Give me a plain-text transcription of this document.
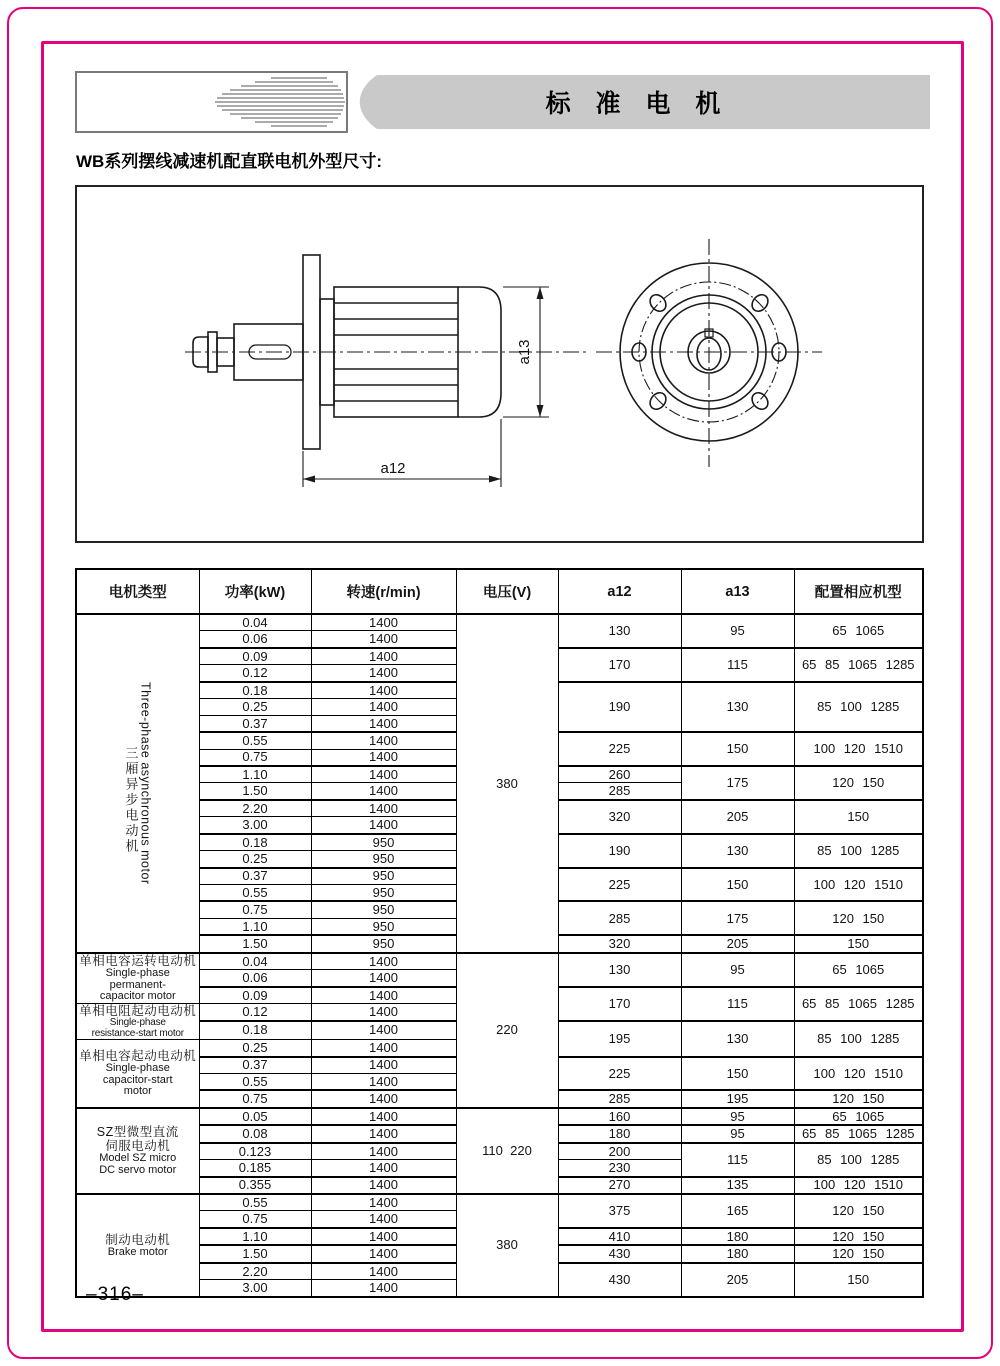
标 准 电 机
WB系列摆线减速机配直联电机外型尺寸:
a12
a13
电机类型	功率(kW)	转速(r/min)	电压(V)	a12	a13	配置相应机型

三厢异步电动机 Three-phase asynchronous motor	0.04	1400	380	130	95	65 1065
	0.06	1400				
	0.09	1400		170	115	65 85 1065 1285
	0.12	1400				
	0.18	1400		190	130	85 100 1285
	0.25	1400				
	0.37	1400				
	0.55	1400		225	150	100 120 1510
	0.75	1400				
	1.10	1400		260	175	120 150
	1.50	1400		285		
	2.20	1400		320	205	150
	3.00	1400				
	0.18	950		190	130	85 100 1285
	0.25	950				
	0.37	950		225	150	100 120 1510
	0.55	950				
	0.75	950		285	175	120 150
	1.10	950				
	1.50	950		320	205	150

单相电容运转电动机
Single-phase
permanent-
capacitor motor	0.04	1400	220	130	95	65 1065
	0.06	1400				
	0.09	1400		170	115	65 85 1065 1285

单相电阻起动电动机
Single-phase
resistance-start motor	0.12	1400				
	0.18	1400		195	130	85 100 1285

单相电容起动电动机
Single-phase
capacitor-start
motor	0.25	1400				
	0.37	1400		225	150	100 120 1510
	0.55	1400				
	0.75	1400		285	195	120 150

SZ型微型直流
伺服电动机
Model SZ micro
DC servo motor	0.05	1400	110  220	160	95	65 1065
	0.08	1400		180	95	65 85 1065 1285
	0.123	1400		200	115	85 100 1285
	0.185	1400		230		
	0.355	1400		270	135	100 120 1510

制动电动机
Brake motor	0.55	1400	380	375	165	120 150
	0.75	1400				
	1.10	1400		410	180	120 150
	1.50	1400		430	180	120 150
	2.20	1400		430	205	150
	3.00	1400				
–316–
